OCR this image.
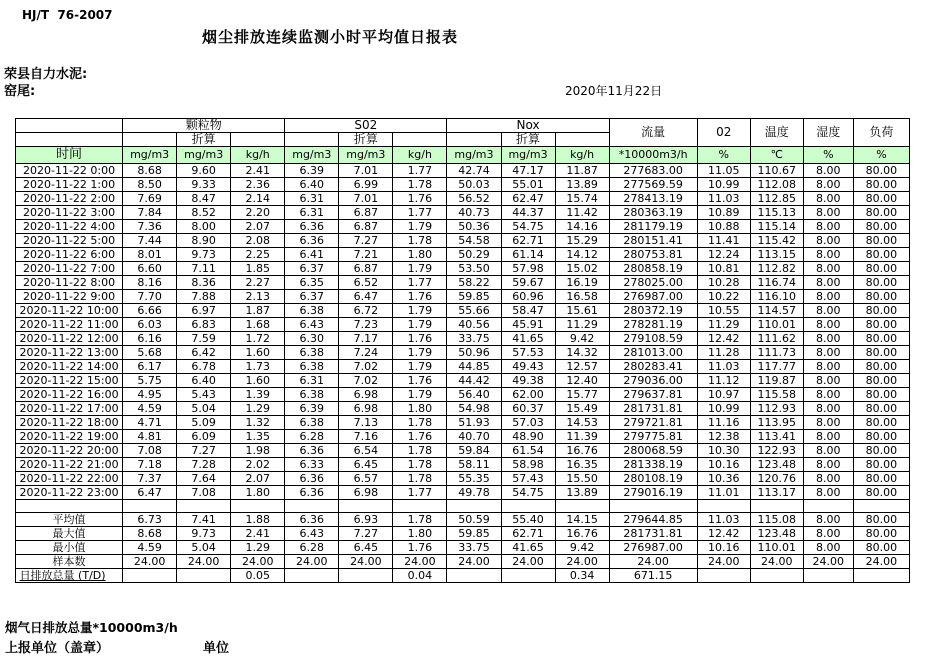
HJ/T  76-2007
烟尘排放连续监测小时平均值日报表
荣县自力水泥:
窑尾:	2020年11月22日
	颗粒物			S02			Nox			流量	02	温度	湿度	负荷
		折算			折算			折算						
时间	mg/m3	mg/m3	kg/h	mg/m3	mg/m3	kg/h	mg/m3	mg/m3	kg/h	*10000m3/h	%	℃	%	%
2020-11-22 0:00	8.68	9.60	2.41	6.39	7.01	1.77	42.74	47.17	11.87	277683.00	11.05	110.67	8.00	80.00
2020-11-22 1:00	8.50	9.33	2.36	6.40	6.99	1.78	50.03	55.01	13.89	277569.59	10.99	112.08	8.00	80.00
2020-11-22 2:00	7.69	8.47	2.14	6.31	7.01	1.76	56.52	62.47	15.74	278413.19	11.03	112.85	8.00	80.00
2020-11-22 3:00	7.84	8.52	2.20	6.31	6.87	1.77	40.73	44.37	11.42	280363.19	10.89	115.13	8.00	80.00
2020-11-22 4:00	7.36	8.00	2.07	6.36	6.87	1.79	50.36	54.75	14.16	281179.19	10.88	115.14	8.00	80.00
2020-11-22 5:00	7.44	8.90	2.08	6.36	7.27	1.78	54.58	62.71	15.29	280151.41	11.41	115.42	8.00	80.00
2020-11-22 6:00	8.01	9.73	2.25	6.41	7.21	1.80	50.29	61.14	14.12	280753.81	12.24	113.15	8.00	80.00
2020-11-22 7:00	6.60	7.11	1.85	6.37	6.87	1.79	53.50	57.98	15.02	280858.19	10.81	112.82	8.00	80.00
2020-11-22 8:00	8.16	8.36	2.27	6.35	6.52	1.77	58.22	59.67	16.19	278025.00	10.28	116.74	8.00	80.00
2020-11-22 9:00	7.70	7.88	2.13	6.37	6.47	1.76	59.85	60.96	16.58	276987.00	10.22	116.10	8.00	80.00
2020-11-22 10:00	6.66	6.97	1.87	6.38	6.72	1.79	55.66	58.47	15.61	280372.19	10.55	114.57	8.00	80.00
2020-11-22 11:00	6.03	6.83	1.68	6.43	7.23	1.79	40.56	45.91	11.29	278281.19	11.29	110.01	8.00	80.00
2020-11-22 12:00	6.16	7.59	1.72	6.30	7.17	1.76	33.75	41.65	9.42	279108.59	12.42	111.62	8.00	80.00
2020-11-22 13:00	5.68	6.42	1.60	6.38	7.24	1.79	50.96	57.53	14.32	281013.00	11.28	111.73	8.00	80.00
2020-11-22 14:00	6.17	6.78	1.73	6.38	7.02	1.79	44.85	49.43	12.57	280283.41	11.03	117.77	8.00	80.00
2020-11-22 15:00	5.75	6.40	1.60	6.31	7.02	1.76	44.42	49.38	12.40	279036.00	11.12	119.87	8.00	80.00
2020-11-22 16:00	4.95	5.43	1.39	6.38	6.98	1.79	56.40	62.00	15.77	279637.81	10.97	115.58	8.00	80.00
2020-11-22 17:00	4.59	5.04	1.29	6.39	6.98	1.80	54.98	60.37	15.49	281731.81	10.99	112.93	8.00	80.00
2020-11-22 18:00	4.71	5.09	1.32	6.38	7.13	1.78	51.93	57.03	14.53	279721.81	11.16	113.95	8.00	80.00
2020-11-22 19:00	4.81	6.09	1.35	6.28	7.16	1.76	40.70	48.90	11.39	279775.81	12.38	113.41	8.00	80.00
2020-11-22 20:00	7.08	7.27	1.98	6.36	6.54	1.78	59.84	61.54	16.76	280068.59	10.30	122.93	8.00	80.00
2020-11-22 21:00	7.18	7.28	2.02	6.33	6.45	1.78	58.11	58.98	16.35	281338.19	10.16	123.48	8.00	80.00
2020-11-22 22:00	7.37	7.64	2.07	6.36	6.57	1.78	55.35	57.43	15.50	280108.19	10.36	120.76	8.00	80.00
2020-11-22 23:00	6.47	7.08	1.80	6.36	6.98	1.77	49.78	54.75	13.89	279016.19	11.01	113.17	8.00	80.00

平均值	6.73	7.41	1.88	6.36	6.93	1.78	50.59	55.40	14.15	279644.85	11.03	115.08	8.00	80.00
最大值	8.68	9.73	2.41	6.43	7.27	1.80	59.85	62.71	16.76	281731.81	12.42	123.48	8.00	80.00
最小值	4.59	5.04	1.29	6.28	6.45	1.76	33.75	41.65	9.42	276987.00	10.16	110.01	8.00	80.00
样本数	24.00	24.00	24.00	24.00	24.00	24.00	24.00	24.00	24.00	24.00	24.00	24.00	24.00	24.00
日排放总量 (T/D)			0.05			0.04			0.34	671.15				
烟气日排放总量*10000m3/h
上报单位（盖章）	单位
